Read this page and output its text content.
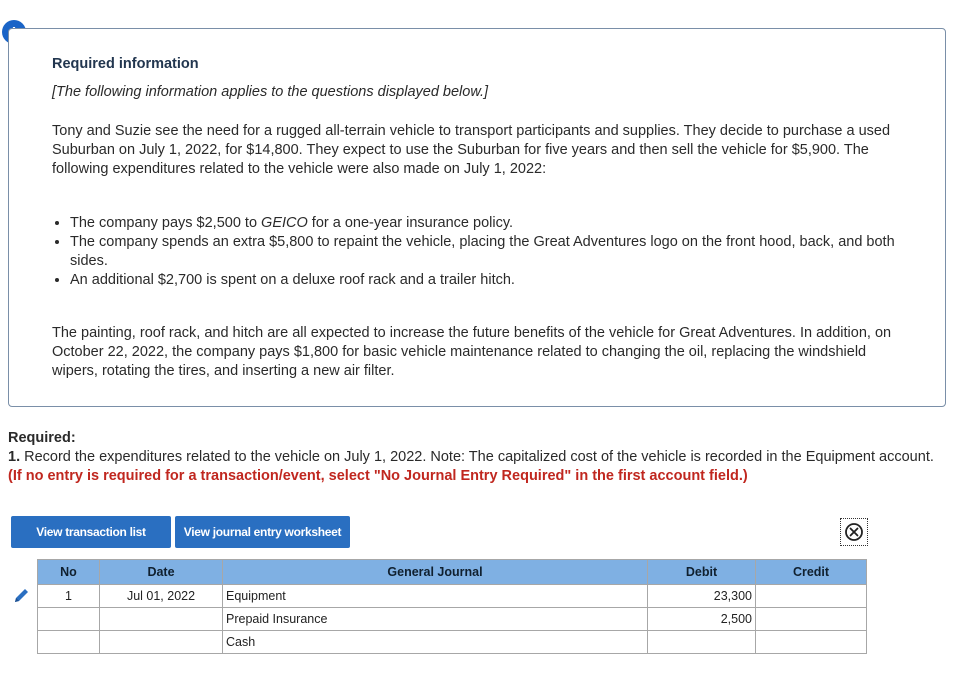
Required information
[The following information applies to the questions displayed below.]
Tony and Suzie see the need for a rugged all-terrain vehicle to transport participants and supplies. They decide to purchase a used Suburban on July 1, 2022, for $14,800. They expect to use the Suburban for five years and then sell the vehicle for $5,900. The following expenditures related to the vehicle were also made on July 1, 2022:
• The company pays $2,500 to GEICO for a one-year insurance policy.
• The company spends an extra $5,800 to repaint the vehicle, placing the Great Adventures logo on the front hood, back, and both sides.
• An additional $2,700 is spent on a deluxe roof rack and a trailer hitch.
The painting, roof rack, and hitch are all expected to increase the future benefits of the vehicle for Great Adventures. In addition, on October 22, 2022, the company pays $1,800 for basic vehicle maintenance related to changing the oil, replacing the windshield wipers, rotating the tires, and inserting a new air filter.
Required:
1. Record the expenditures related to the vehicle on July 1, 2022. Note: The capitalized cost of the vehicle is recorded in the Equipment account. (If no entry is required for a transaction/event, select "No Journal Entry Required" in the first account field.)
View transaction list	View journal entry worksheet
No	Date	General Journal	Debit	Credit
1	Jul 01, 2022	Equipment	23,300	
		Prepaid Insurance	2,500	
		Cash		
